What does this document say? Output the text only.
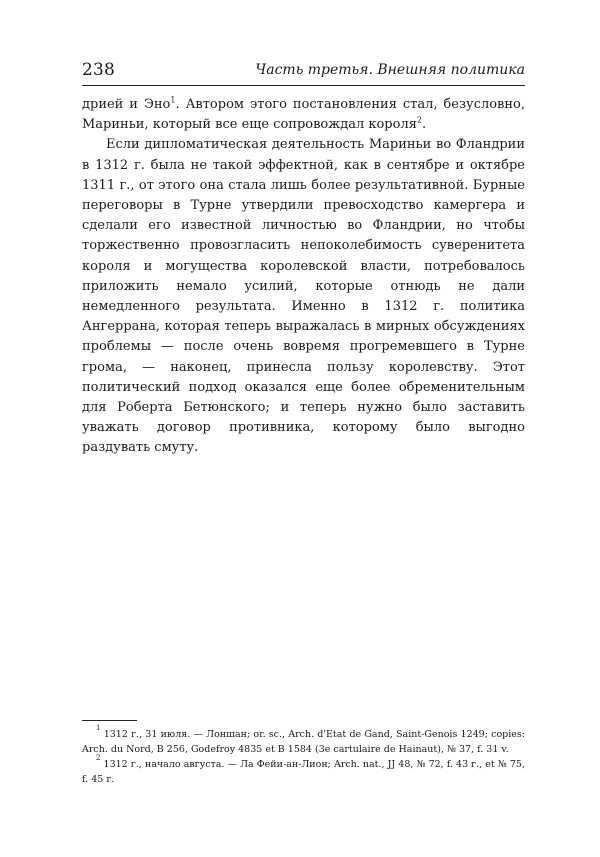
238	Часть третья. Внешняя политика

дрией и Эно$^1$. Автором этого постановления стал, безусловно, Мариньи, который все еще сопровождал короля$^2$.

Если дипломатическая деятельность Мариньи во Фландрии в 1312 г. была не такой эффектной, как в сентябре и октябре 1311 г., от этого она стала лишь более результативной. Бурные переговоры в Турне утвердили превосходство камергера и сделали его известной личностью во Фландрии, но чтобы торжественно провозгласить непоколебимость суверенитета короля и могущества королевской власти, потребовалось приложить немало усилий, которые отнюдь не дали немедленного результата. Именно в 1312 г. политика Ангеррана, которая теперь выражалась в мирных обсуждениях проблемы — после очень вовремя прогремевшего в Турне грома, — наконец, принесла пользу королевству. Этот политический подход оказался еще более обременительным для Роберта Бетюнского; и теперь нужно было заставить уважать договор противника, которому было выгодно раздувать смуту.

$^1$ 1312 г., 31 июля. — Лоншан; or. sc., Arch. d'Etat de Gand, Saint-Genois 1249; copies: Arch. du Nord, B 256, Godefroy 4835 et B 1584 (3e cartulaire de Hainaut), № 37, f. 31 v.

$^2$ 1312 г., начало августа. — Ла Фейи-ан-Лион; Arch. nat., JJ 48, № 72, f. 43 г., et № 75, f. 45 г.
